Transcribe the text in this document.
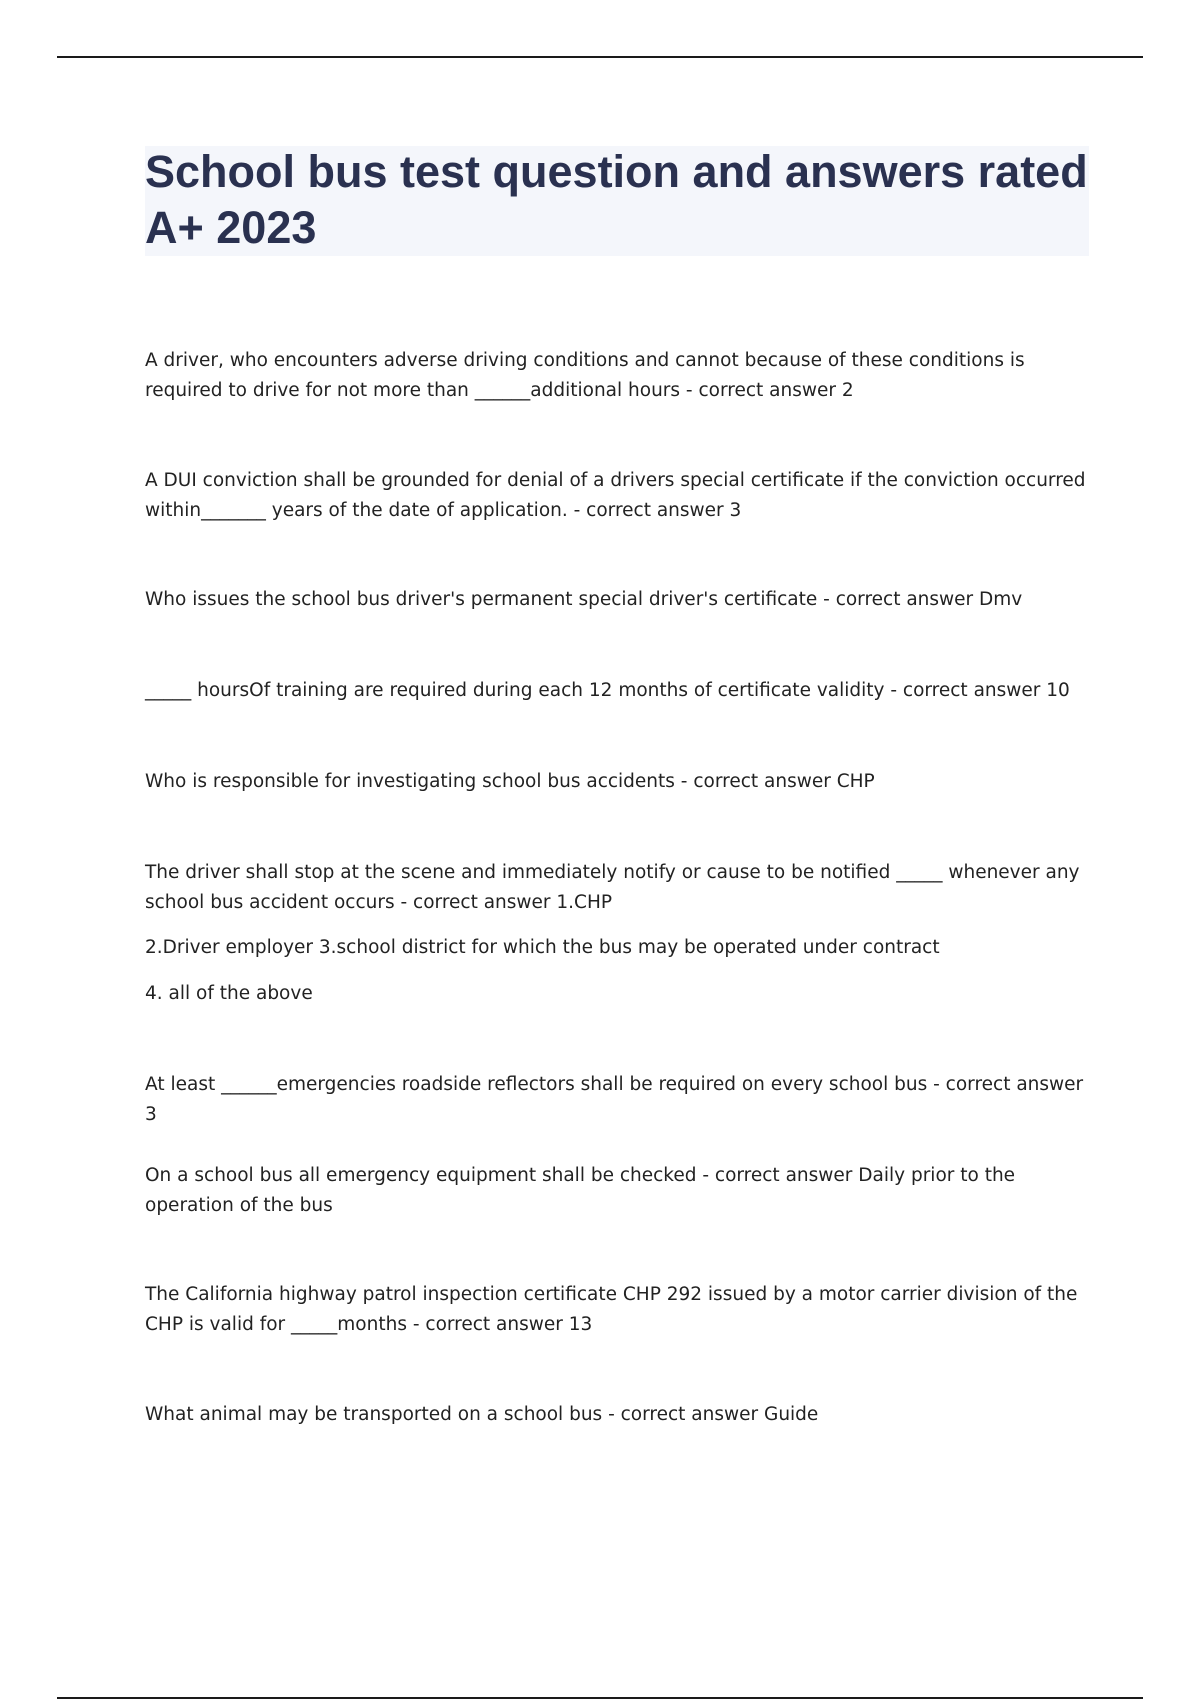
School bus test question and answers rated A+ 2023

A driver, who encounters adverse driving conditions and cannot because of these conditions is required to drive for not more than ______additional hours - correct answer 2

A DUI conviction shall be grounded for denial of a drivers special certificate if the conviction occurred within_______ years of the date of application. - correct answer 3

Who issues the school bus driver's permanent special driver's certificate - correct answer Dmv

_____ hoursOf training are required during each 12 months of certificate validity - correct answer 10

Who is responsible for investigating school bus accidents - correct answer CHP

The driver shall stop at the scene and immediately notify or cause to be notified _____ whenever any school bus accident occurs - correct answer 1.CHP

2.Driver employer 3.school district for which the bus may be operated under contract

4. all of the above

At least ______emergencies roadside reflectors shall be required on every school bus - correct answer 3

On a school bus all emergency equipment shall be checked - correct answer Daily prior to the operation of the bus

The California highway patrol inspection certificate CHP 292 issued by a motor carrier division of the CHP is valid for _____months - correct answer 13

What animal may be transported on a school bus - correct answer Guide
